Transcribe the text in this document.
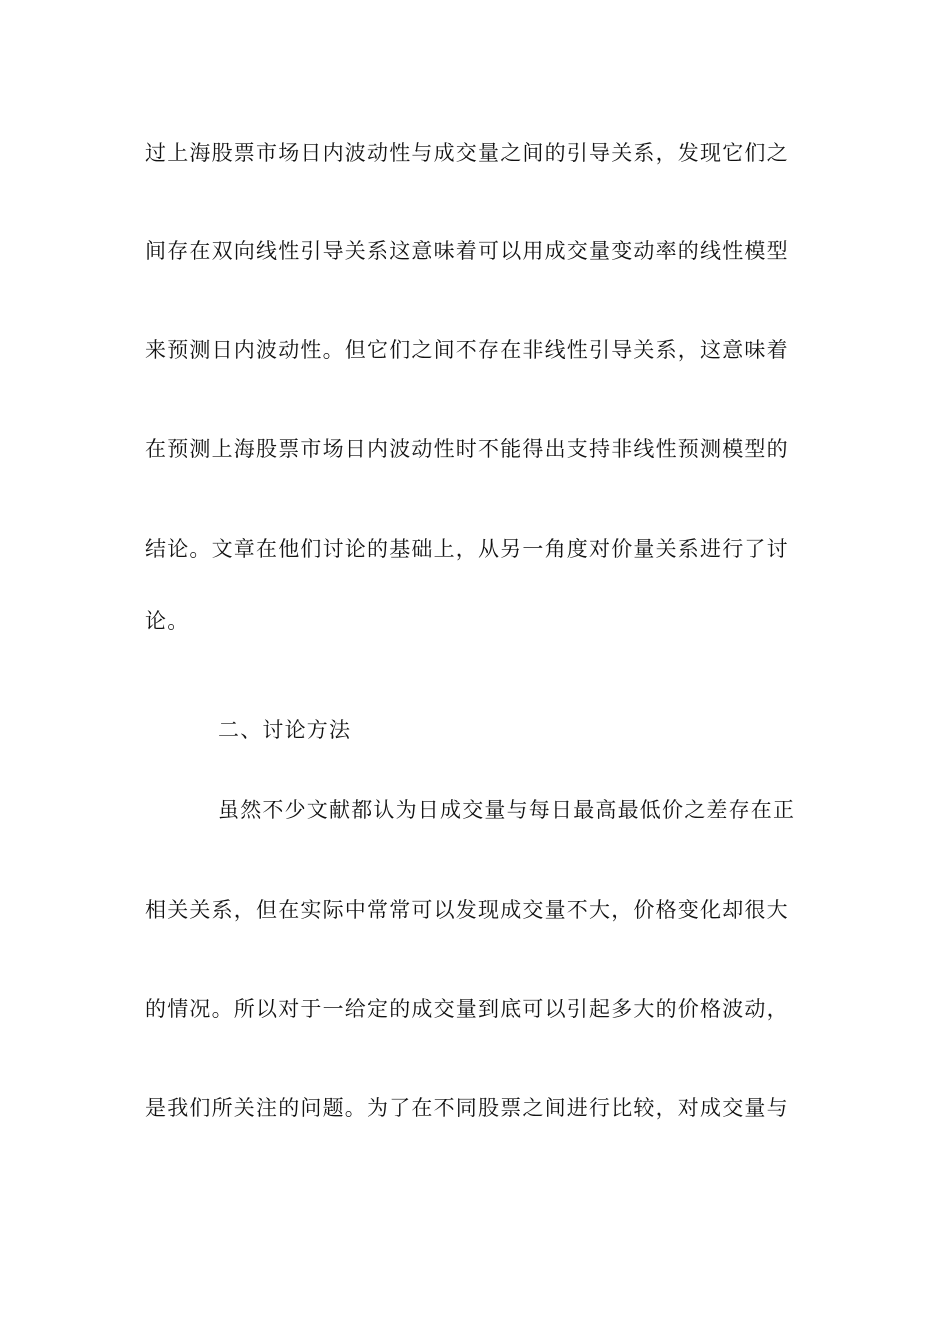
过上海股票市场日内波动性与成交量之间的引导关系，发现它们之
间存在双向线性引导关系这意味着可以用成交量变动率的线性模型
来预测日内波动性。但它们之间不存在非线性引导关系，这意味着
在预测上海股票市场日内波动性时不能得出支持非线性预测模型的
结论。文章在他们讨论的基础上，从另一角度对价量关系进行了讨
论。
二、讨论方法
虽然不少文献都认为日成交量与每日最高最低价之差存在正
相关关系，但在实际中常常可以发现成交量不大，价格变化却很大
的情况。所以对于一给定的成交量到底可以引起多大的价格波动，
是我们所关注的问题。为了在不同股票之间进行比较，对成交量与
